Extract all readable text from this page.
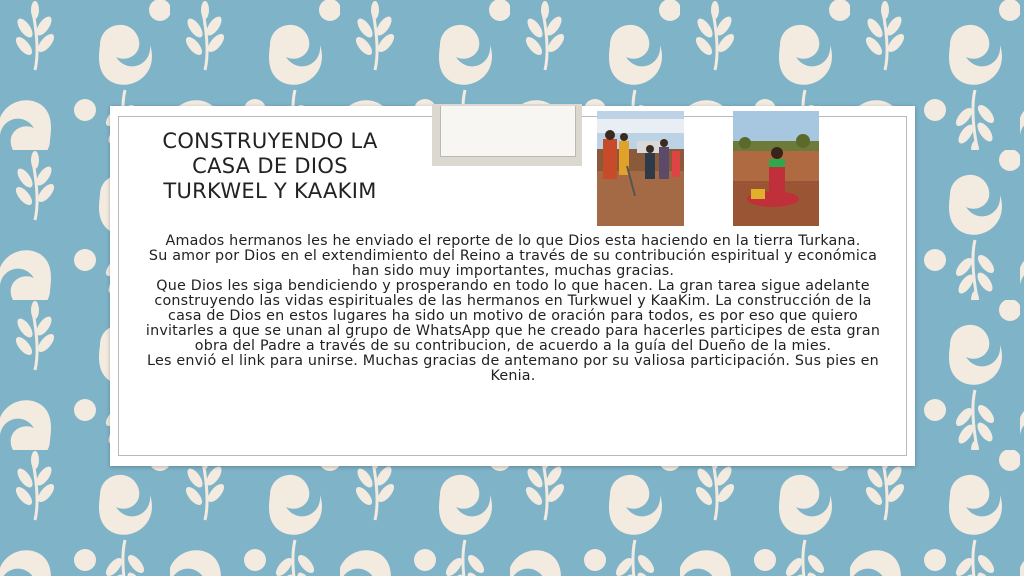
CONSTRUYENDO LA
CASA DE DIOS
TURKWEL Y KAAKIM

Amados hermanos les he enviado el reporte de lo que Dios esta haciendo en la tierra Turkana.

Su amor por Dios en el extendimiento del Reino a través de su contribución espiritual y económica han sido muy importantes, muchas gracias.

Que Dios les siga bendiciendo y prosperando en todo lo que hacen. La gran tarea sigue adelante construyendo las vidas espirituales de las hermanos en Turkwuel y KaaKim. La construcción de la casa de Dios en estos lugares ha sido un motivo de oración para todos, es por eso que quiero invitarles a que se unan al grupo de WhatsApp que he creado para hacerles participes de esta gran obra del Padre a través de su contribucion, de acuerdo a la guía del Dueño de la mies.

Les envió el link para unirse. Muchas gracias de antemano por su valiosa participación. Sus pies en Kenia.
